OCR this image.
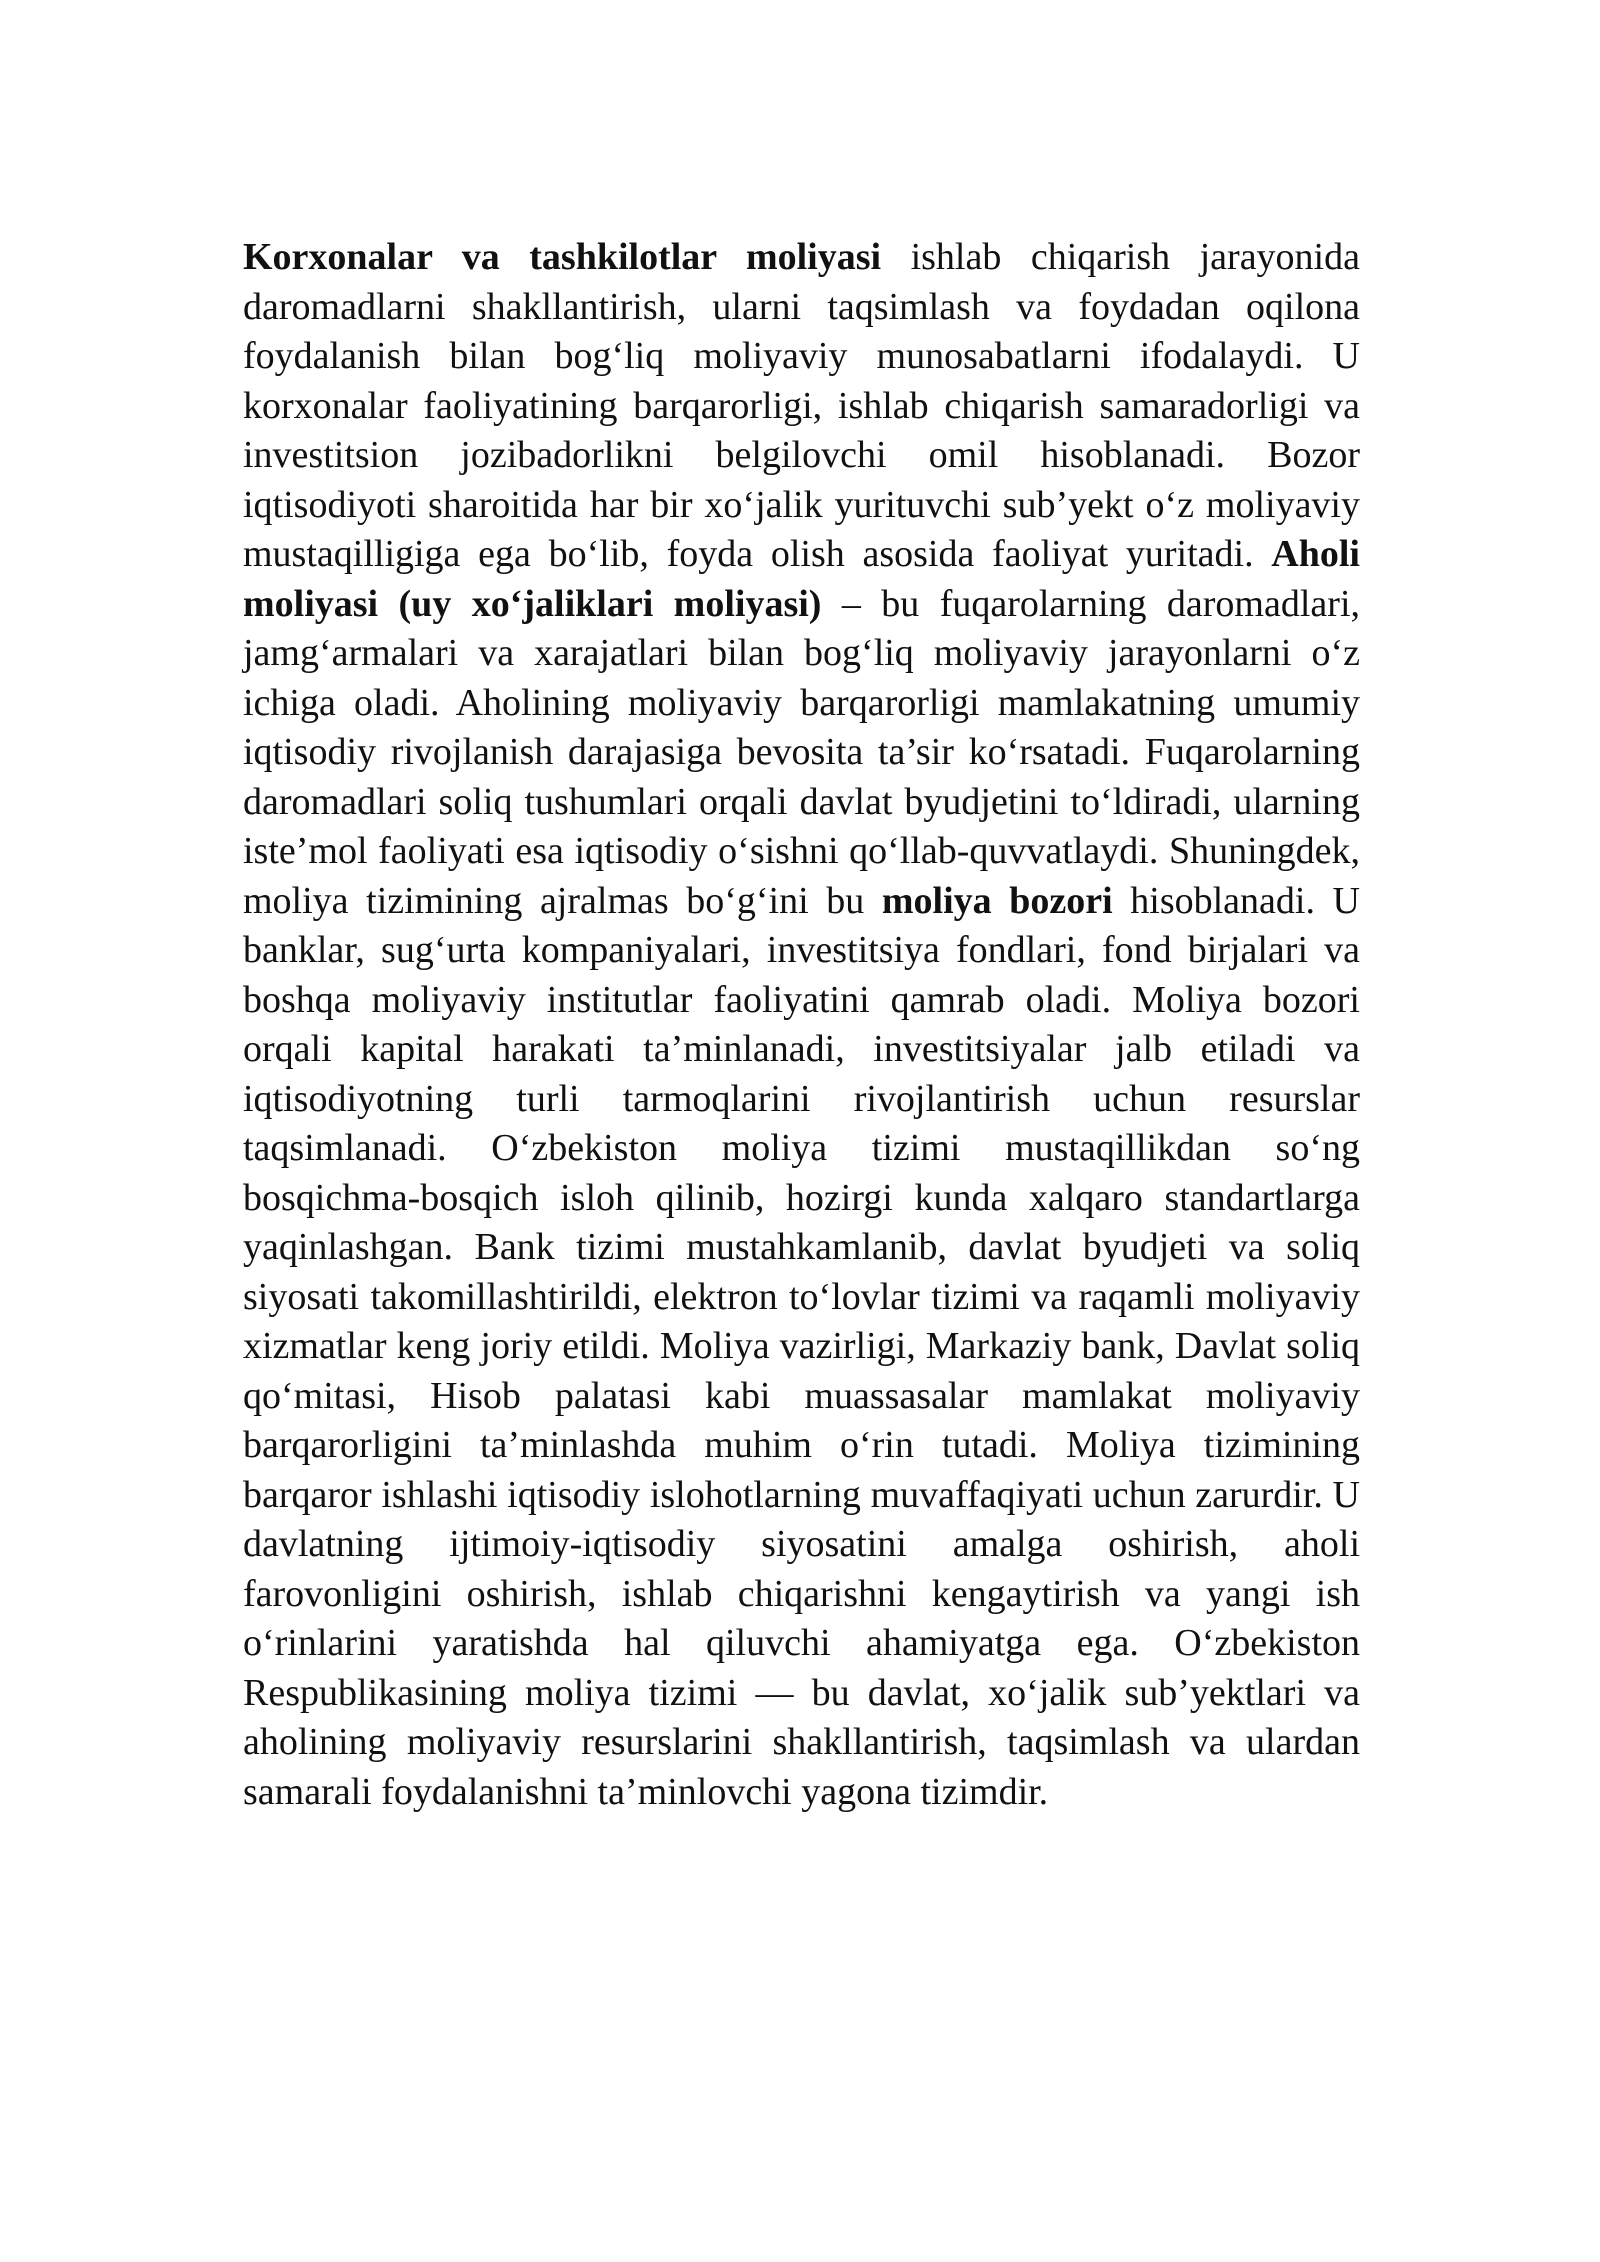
Korxonalar va tashkilotlar moliyasi ishlab chiqarish jarayonida daromadlarni shakllantirish, ularni taqsimlash va foydadan oqilona foydalanish bilan bog‘liq moliyaviy munosabatlarni ifodalaydi. U korxonalar faoliyatining barqarorligi, ishlab chiqarish samaradorligi va investitsion jozibadorlikni belgilovchi omil hisoblanadi. Bozor iqtisodiyoti sharoitida har bir xo‘jalik yurituvchi sub’yekt o‘z moliyaviy mustaqilligiga ega bo‘lib, foyda olish asosida faoliyat yuritadi. Aholi moliyasi (uy xo‘jaliklari moliyasi) – bu fuqarolarning daromadlari, jamg‘armalari va xarajatlari bilan bog‘liq moliyaviy jarayonlarni o‘z ichiga oladi. Aholining moliyaviy barqarorligi mamlakatning umumiy iqtisodiy rivojlanish darajasiga bevosita ta’sir ko‘rsatadi. Fuqarolarning daromadlari soliq tushumlari orqali davlat byudjetini to‘ldiradi, ularning iste’mol faoliyati esa iqtisodiy o‘sishni qo‘llab-quvvatlaydi. Shuningdek, moliya tizimining ajralmas bo‘g‘ini bu moliya bozori hisoblanadi. U banklar, sug‘urta kompaniyalari, investitsiya fondlari, fond birjalari va boshqa moliyaviy institutlar faoliyatini qamrab oladi. Moliya bozori orqali kapital harakati ta’minlanadi, investitsiyalar jalb etiladi va iqtisodiyotning turli tarmoqlarini rivojlantirish uchun resurslar taqsimlanadi. O‘zbekiston moliya tizimi mustaqillikdan so‘ng bosqichma-bosqich isloh qilinib, hozirgi kunda xalqaro standartlarga yaqinlashgan. Bank tizimi mustahkamlanib, davlat byudjeti va soliq siyosati takomillashtirildi, elektron to‘lovlar tizimi va raqamli moliyaviy xizmatlar keng joriy etildi. Moliya vazirligi, Markaziy bank, Davlat soliq qo‘mitasi, Hisob palatasi kabi muassasalar mamlakat moliyaviy barqarorligini ta’minlashda muhim o‘rin tutadi. Moliya tizimining barqaror ishlashi iqtisodiy islohotlarning muvaffaqiyati uchun zarurdir. U davlatning ijtimoiy-iqtisodiy siyosatini amalga oshirish, aholi farovonligini oshirish, ishlab chiqarishni kengaytirish va yangi ish o‘rinlarini yaratishda hal qiluvchi ahamiyatga ega. O‘zbekiston Respublikasining moliya tizimi — bu davlat, xo‘jalik sub’yektlari va aholining moliyaviy resurslarini shakllantirish, taqsimlash va ulardan samarali foydalanishni ta’minlovchi yagona tizimdir.
